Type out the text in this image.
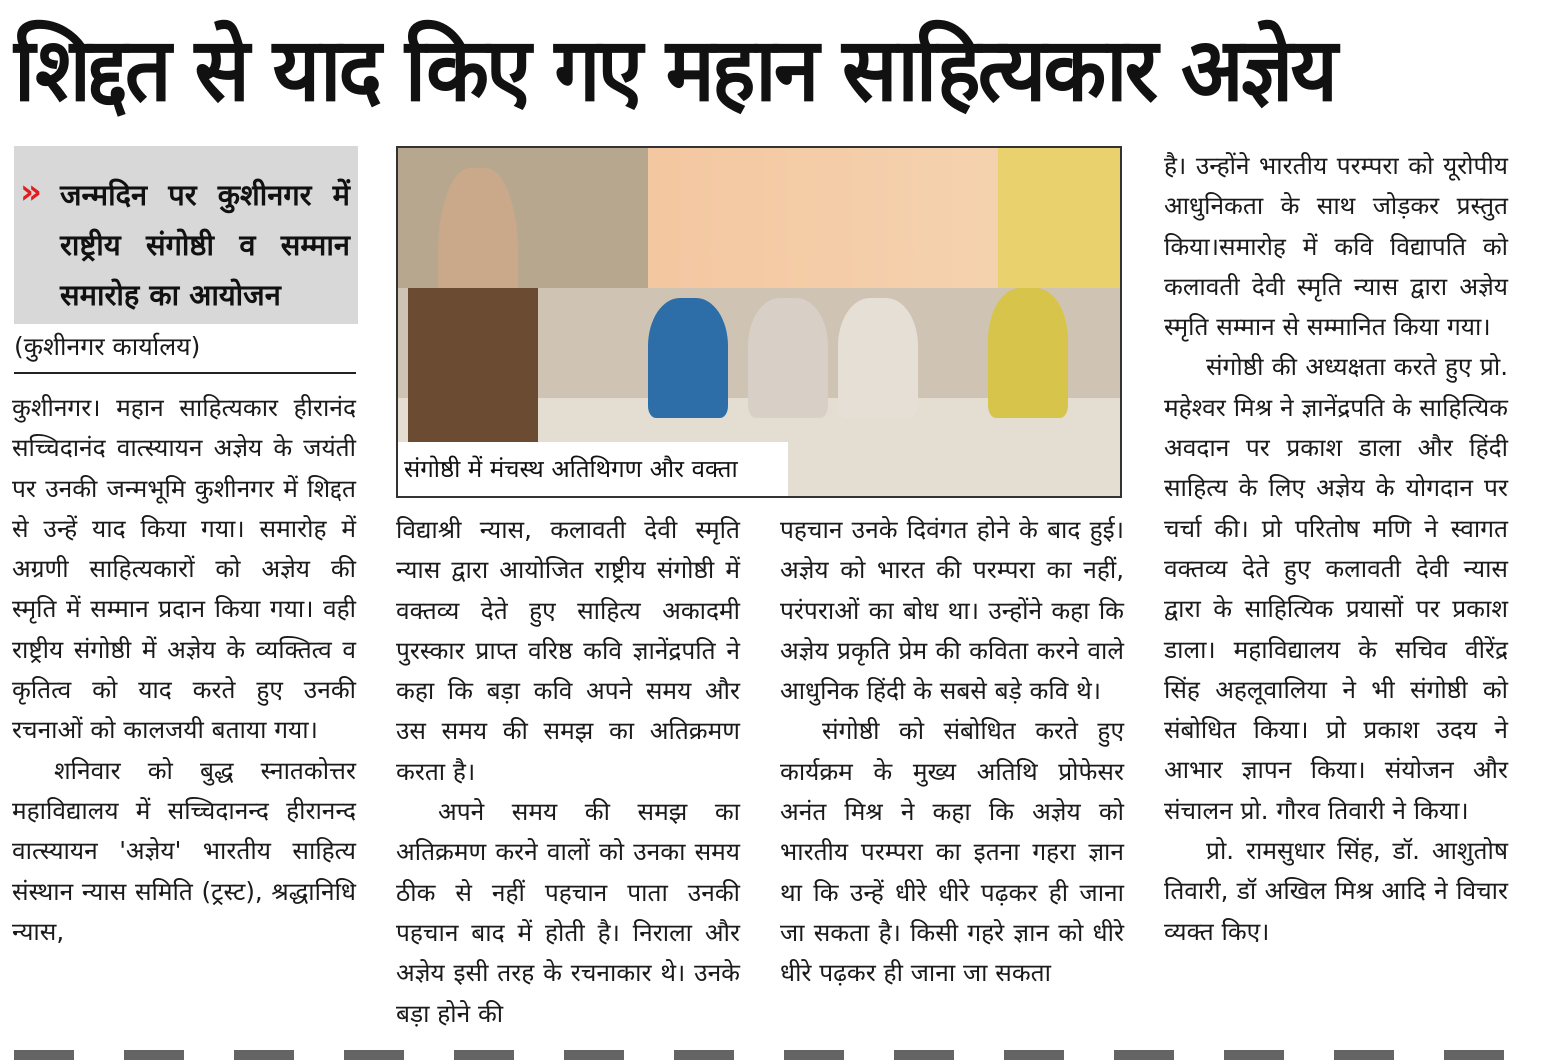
शिद्दत से याद किए गए महान साहित्यकार अज्ञेय
» जन्मदिन पर कुशीनगर में राष्ट्रीय संगोष्ठी व सम्मान समारोह का आयोजन
(कुशीनगर कार्यालय)
संगोष्ठी में मंचस्थ अतिथिगण और वक्ता

कुशीनगर। महान साहित्यकार हीरानंद सच्चिदानंद वात्स्यायन अज्ञेय के जयंती पर उनकी जन्मभूमि कुशीनगर में शिद्दत से उन्हें याद किया गया। समारोह में अग्रणी साहित्यकारों को अज्ञेय की स्मृति में सम्मान प्रदान किया गया। वही राष्ट्रीय संगोष्ठी में अज्ञेय के व्यक्तित्व व कृतित्व को याद करते हुए उनकी रचनाओं को कालजयी बताया गया।

शनिवार को बुद्ध स्नातकोत्तर महाविद्यालय में सच्चिदानन्द हीरानन्द वात्स्यायन 'अज्ञेय' भारतीय साहित्य संस्थान न्यास समिति (ट्रस्ट), श्रद्धानिधि न्यास,

विद्याश्री न्यास, कलावती देवी स्मृति न्यास द्वारा आयोजित राष्ट्रीय संगोष्ठी में वक्तव्य देते हुए साहित्य अकादमी पुरस्कार प्राप्त वरिष्ठ कवि ज्ञानेंद्रपति ने कहा कि बड़ा कवि अपने समय और उस समय की समझ का अतिक्रमण करता है।

अपने समय की समझ का अतिक्रमण करने वालों को उनका समय ठीक से नहीं पहचान पाता उनकी पहचान बाद में होती है। निराला और अज्ञेय इसी तरह के रचनाकार थे। उनके बड़ा होने की

पहचान उनके दिवंगत होने के बाद हुई।अज्ञेय को भारत की परम्परा का नहीं, परंपराओं का बोध था। उन्होंने कहा कि अज्ञेय प्रकृति प्रेम की कविता करने वाले आधुनिक हिंदी के सबसे बड़े कवि थे।

संगोष्ठी को संबोधित करते हुए कार्यक्रम के मुख्य अतिथि प्रोफेसर अनंत मिश्र ने कहा कि अज्ञेय को भारतीय परम्परा का इतना गहरा ज्ञान था कि उन्हें धीरे धीरे पढ़कर ही जाना जा सकता है। किसी गहरे ज्ञान को धीरे धीरे पढ़कर ही जाना जा सकता

है। उन्होंने भारतीय परम्परा को यूरोपीय आधुनिकता के साथ जोड़कर प्रस्तुत किया।समारोह में कवि विद्यापति को कलावती देवी स्मृति न्यास द्वारा अज्ञेय स्मृति सम्मान से सम्मानित किया गया।

संगोष्ठी की अध्यक्षता करते हुए प्रो. महेश्वर मिश्र ने ज्ञानेंद्रपति के साहित्यिक अवदान पर प्रकाश डाला और हिंदी साहित्य के लिए अज्ञेय के योगदान पर चर्चा की। प्रो परितोष मणि ने स्वागत वक्तव्य देते हुए कलावती देवी न्यास द्वारा के साहित्यिक प्रयासों पर प्रकाश डाला। महाविद्यालय के सचिव वीरेंद्र सिंह अहलूवालिया ने भी संगोष्ठी को संबोधित किया। प्रो प्रकाश उदय ने आभार ज्ञापन किया। संयोजन और संचालन प्रो. गौरव तिवारी ने किया।

प्रो. रामसुधार सिंह, डॉ. आशुतोष तिवारी, डॉ अखिल मिश्र आदि ने विचार व्यक्त किए।
